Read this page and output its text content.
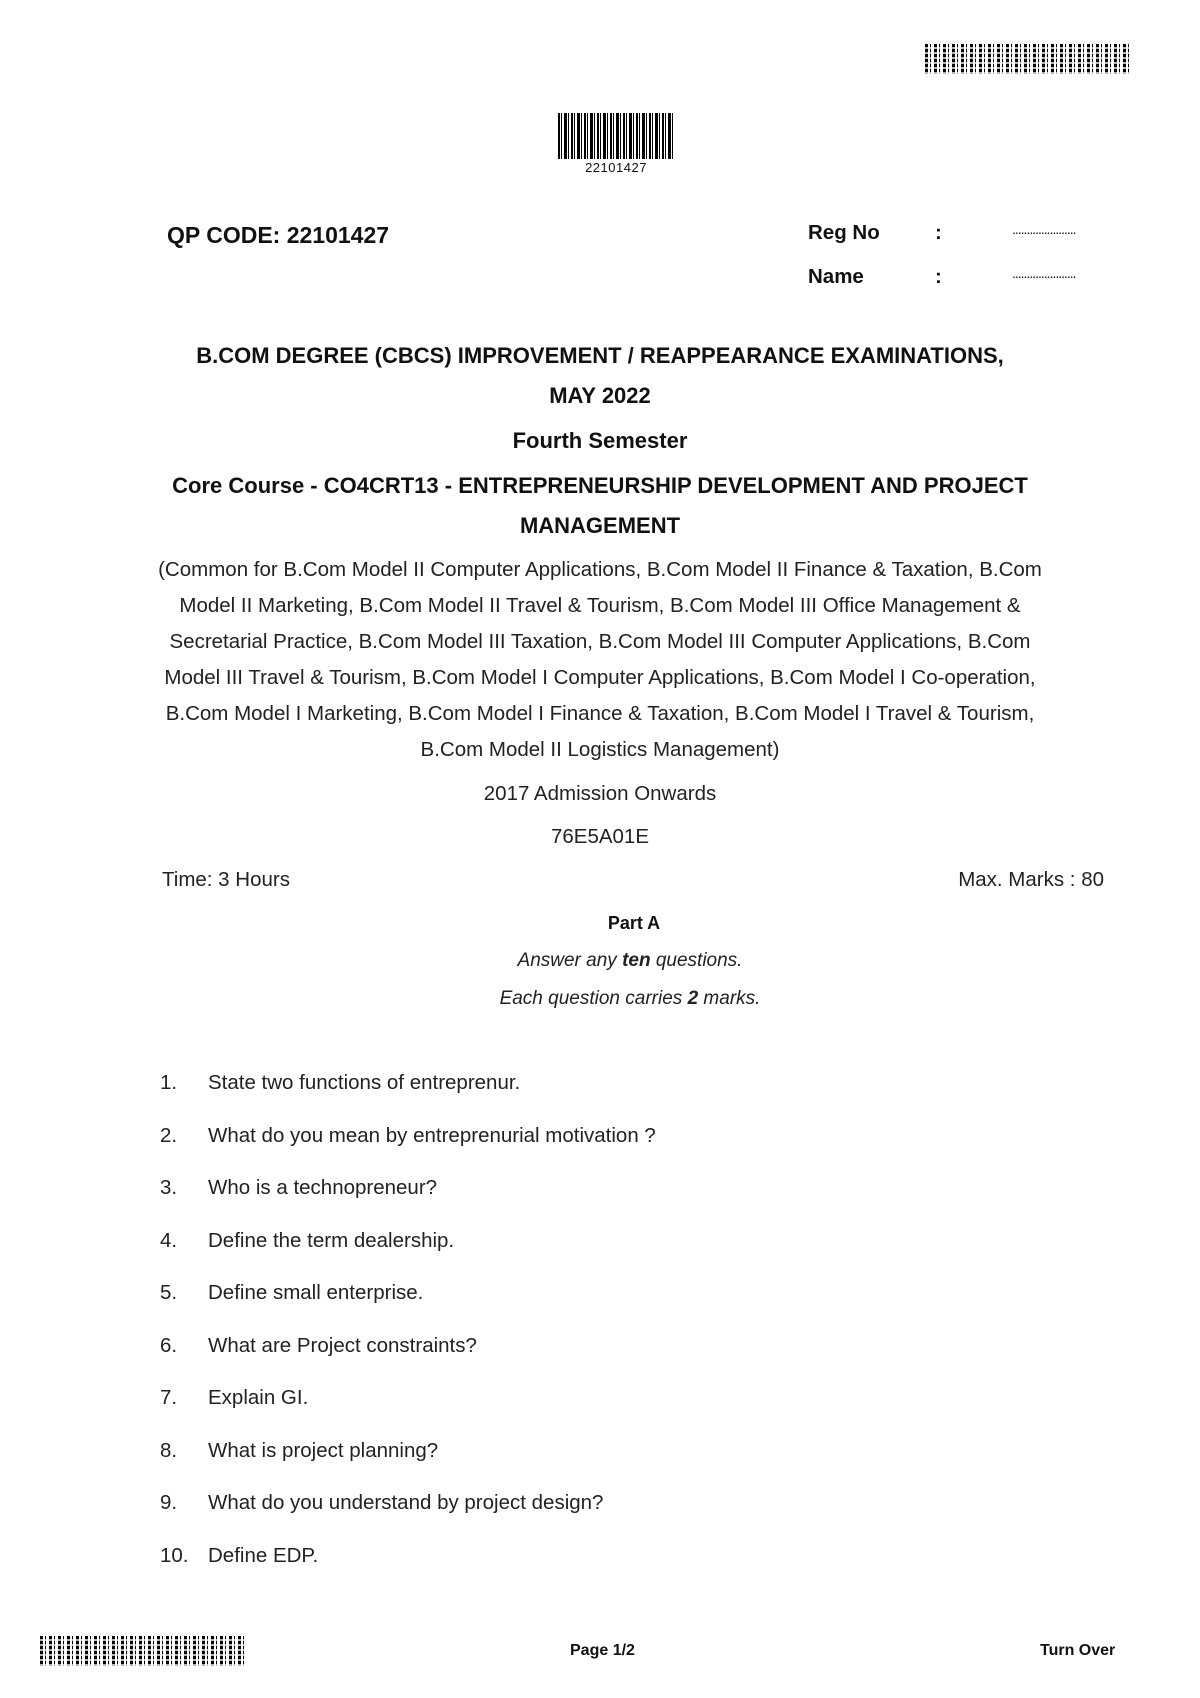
22101427
QP CODE: 22101427	Reg No	:	......................
Name	:	......................
B.COM DEGREE (CBCS) IMPROVEMENT / REAPPEARANCE EXAMINATIONS,
MAY 2022
Fourth Semester
Core Course - CO4CRT13 - ENTREPRENEURSHIP DEVELOPMENT AND PROJECT
MANAGEMENT
(Common for B.Com Model II Computer Applications, B.Com Model II Finance & Taxation, B.Com
Model II Marketing, B.Com Model II Travel & Tourism, B.Com Model III Office Management &
Secretarial Practice, B.Com Model III Taxation, B.Com Model III Computer Applications, B.Com
Model III Travel & Tourism, B.Com Model I Computer Applications, B.Com Model I Co-operation,
B.Com Model I Marketing, B.Com Model I Finance & Taxation, B.Com Model I Travel & Tourism,
B.Com Model II Logistics Management)
2017 Admission Onwards
76E5A01E
Time: 3 Hours	Max. Marks : 80
Part A
Answer any ten questions.
Each question carries 2 marks.
1. State two functions of entreprenur.
2. What do you mean by entreprenurial motivation ?
3. Who is a technopreneur?
4. Define the term dealership.
5. Define small enterprise.
6. What are Project constraints?
7. Explain GI.
8. What is project planning?
9. What do you understand by project design?
10. Define EDP.
Page 1/2	Turn Over
